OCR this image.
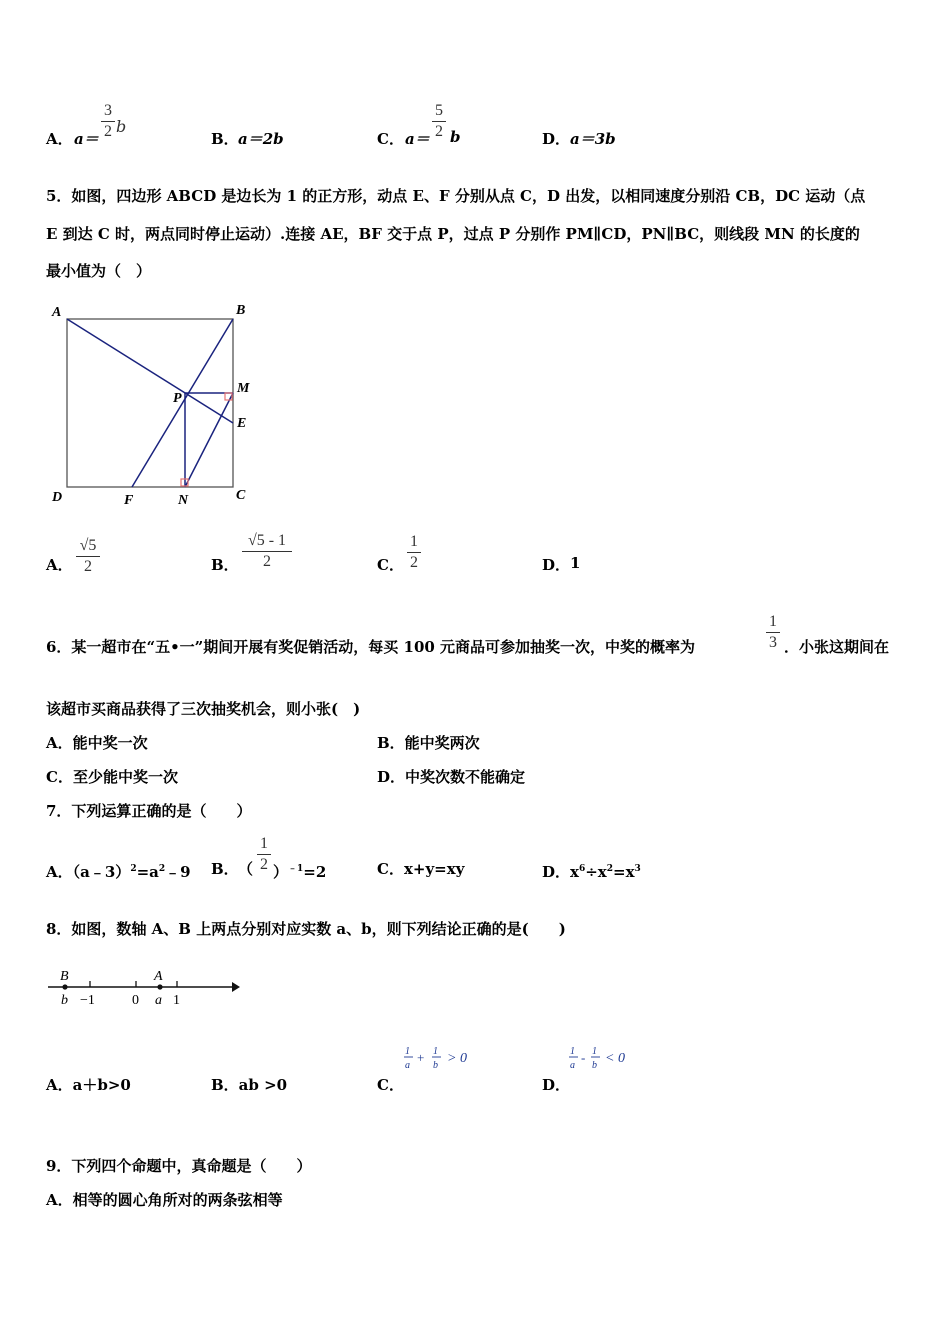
A． a＝
3
2 b
B． a＝2b	C． a＝
5
2 b	D． a＝3b
5．如图，四边形 ABCD 是边长为 1 的正方形，动点 E、F 分别从点 C，D 出发，以相同速度分别沿 CB，DC 运动（点
E 到达 C 时，两点同时停止运动）.连接 AE，BF 交于点 P，过点 P 分别作 PM∥CD，PN∥BC，则线段 MN 的长度的
最小值为（　）
A	B
P
M
E
D	F	N	C
A．
√5
2	B．
√5 - 1
2	C．
1
2	D． 1
6．某一超市在“五•一”期间开展有奖促销活动，每买 100 元商品可参加抽奖一次，中奖的概率为
1
3 ．小张这期间在
该超市买商品获得了三次抽奖机会，则小张(　)
A．能中奖一次	B．能中奖两次
C．至少能中奖一次	D．中奖次数不能确定
7．下列运算正确的是（　　）
A．$(a﹣3)^2=a^2﹣9$ B． （
1
2 ）$^{﹣1}$=2	C．x+y=xy	D．$x^6\div x^2=x^3$
8．如图，数轴 A、B 上两点分别对应实数 a、b，则下列结论正确的是(　　)
B	A
b −1	0 a 1
A．a＋b>0	B．ab >0	C．	D．
1
a
+ 1
b > 0	1
a
- 1
b < 0
9．下列四个命题中，真命题是（　　）
A．相等的圆心角所对的两条弦相等
